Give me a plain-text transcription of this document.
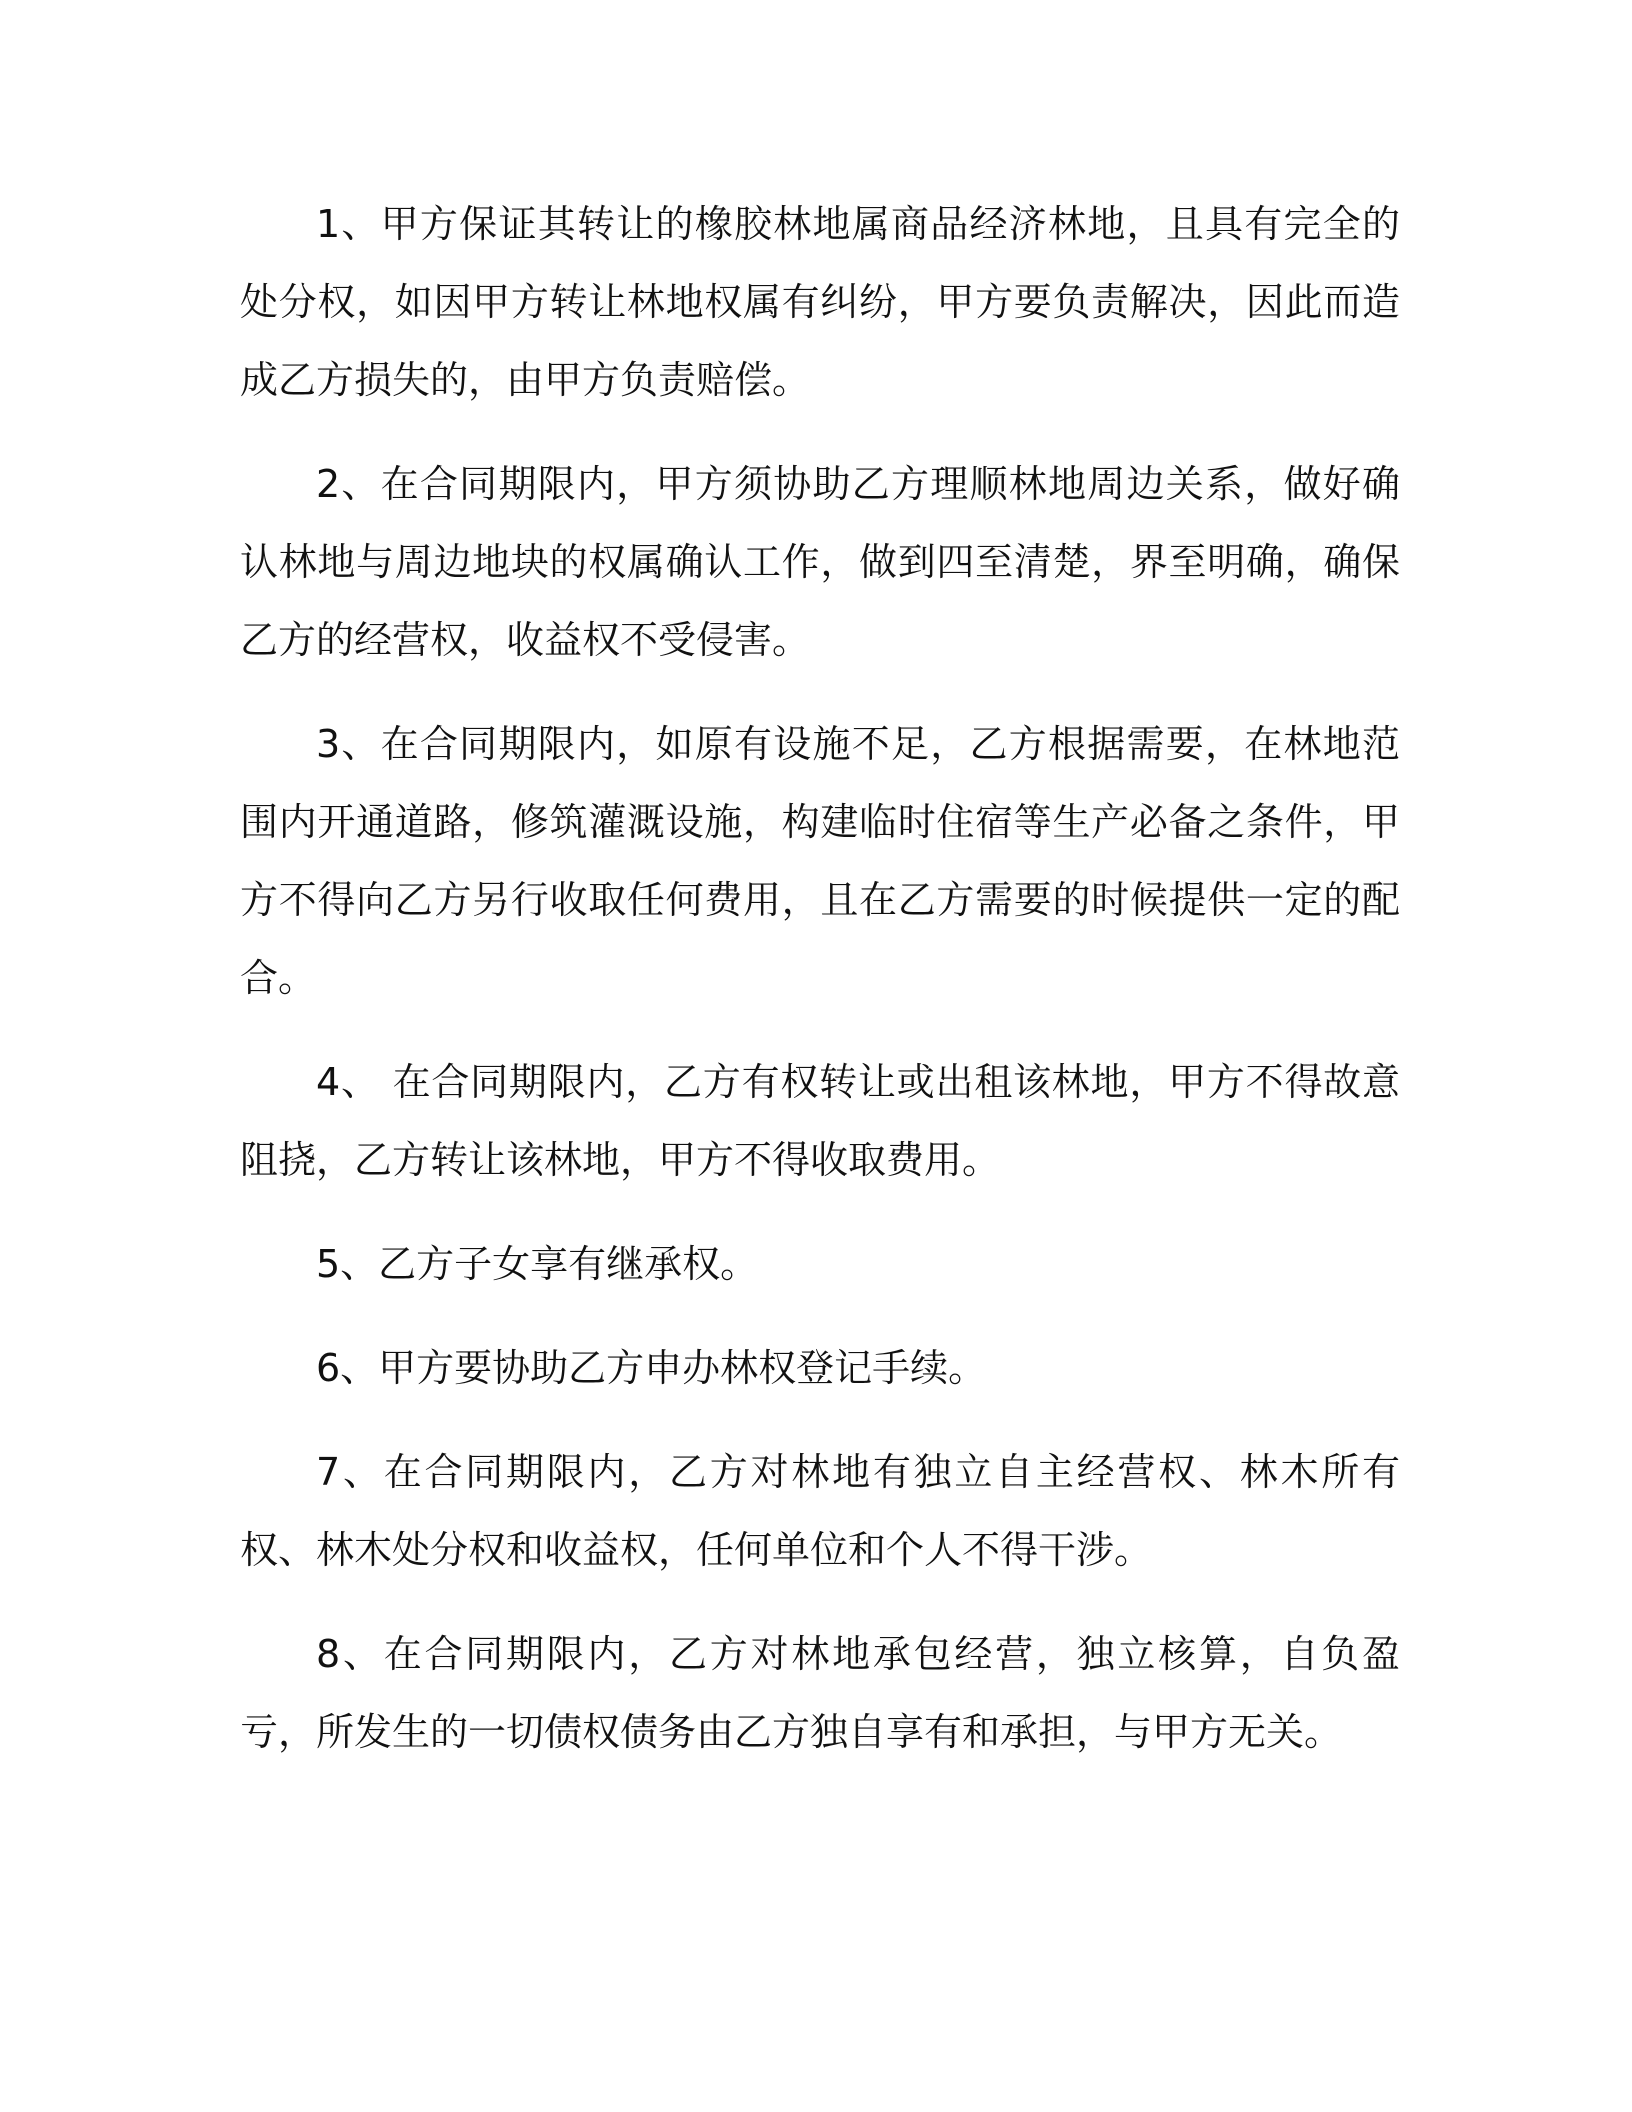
1、甲方保证其转让的橡胶林地属商品经济林地，且具有完全的处分权，如因甲方转让林地权属有纠纷，甲方要负责解决，因此而造成乙方损失的，由甲方负责赔偿。

2、在合同期限内，甲方须协助乙方理顺林地周边关系，做好确认林地与周边地块的权属确认工作，做到四至清楚，界至明确，确保乙方的经营权，收益权不受侵害。

3、在合同期限内，如原有设施不足，乙方根据需要，在林地范围内开通道路，修筑灌溉设施，构建临时住宿等生产必备之条件，甲方不得向乙方另行收取任何费用，且在乙方需要的时候提供一定的配合。

4、 在合同期限内，乙方有权转让或出租该林地，甲方不得故意阻挠，乙方转让该林地，甲方不得收取费用。

5、乙方子女享有继承权。

6、甲方要协助乙方申办林权登记手续。

7、在合同期限内，乙方对林地有独立自主经营权、林木所有权、林木处分权和收益权，任何单位和个人不得干涉。

8、在合同期限内，乙方对林地承包经营，独立核算，自负盈亏，所发生的一切债权债务由乙方独自享有和承担，与甲方无关。
